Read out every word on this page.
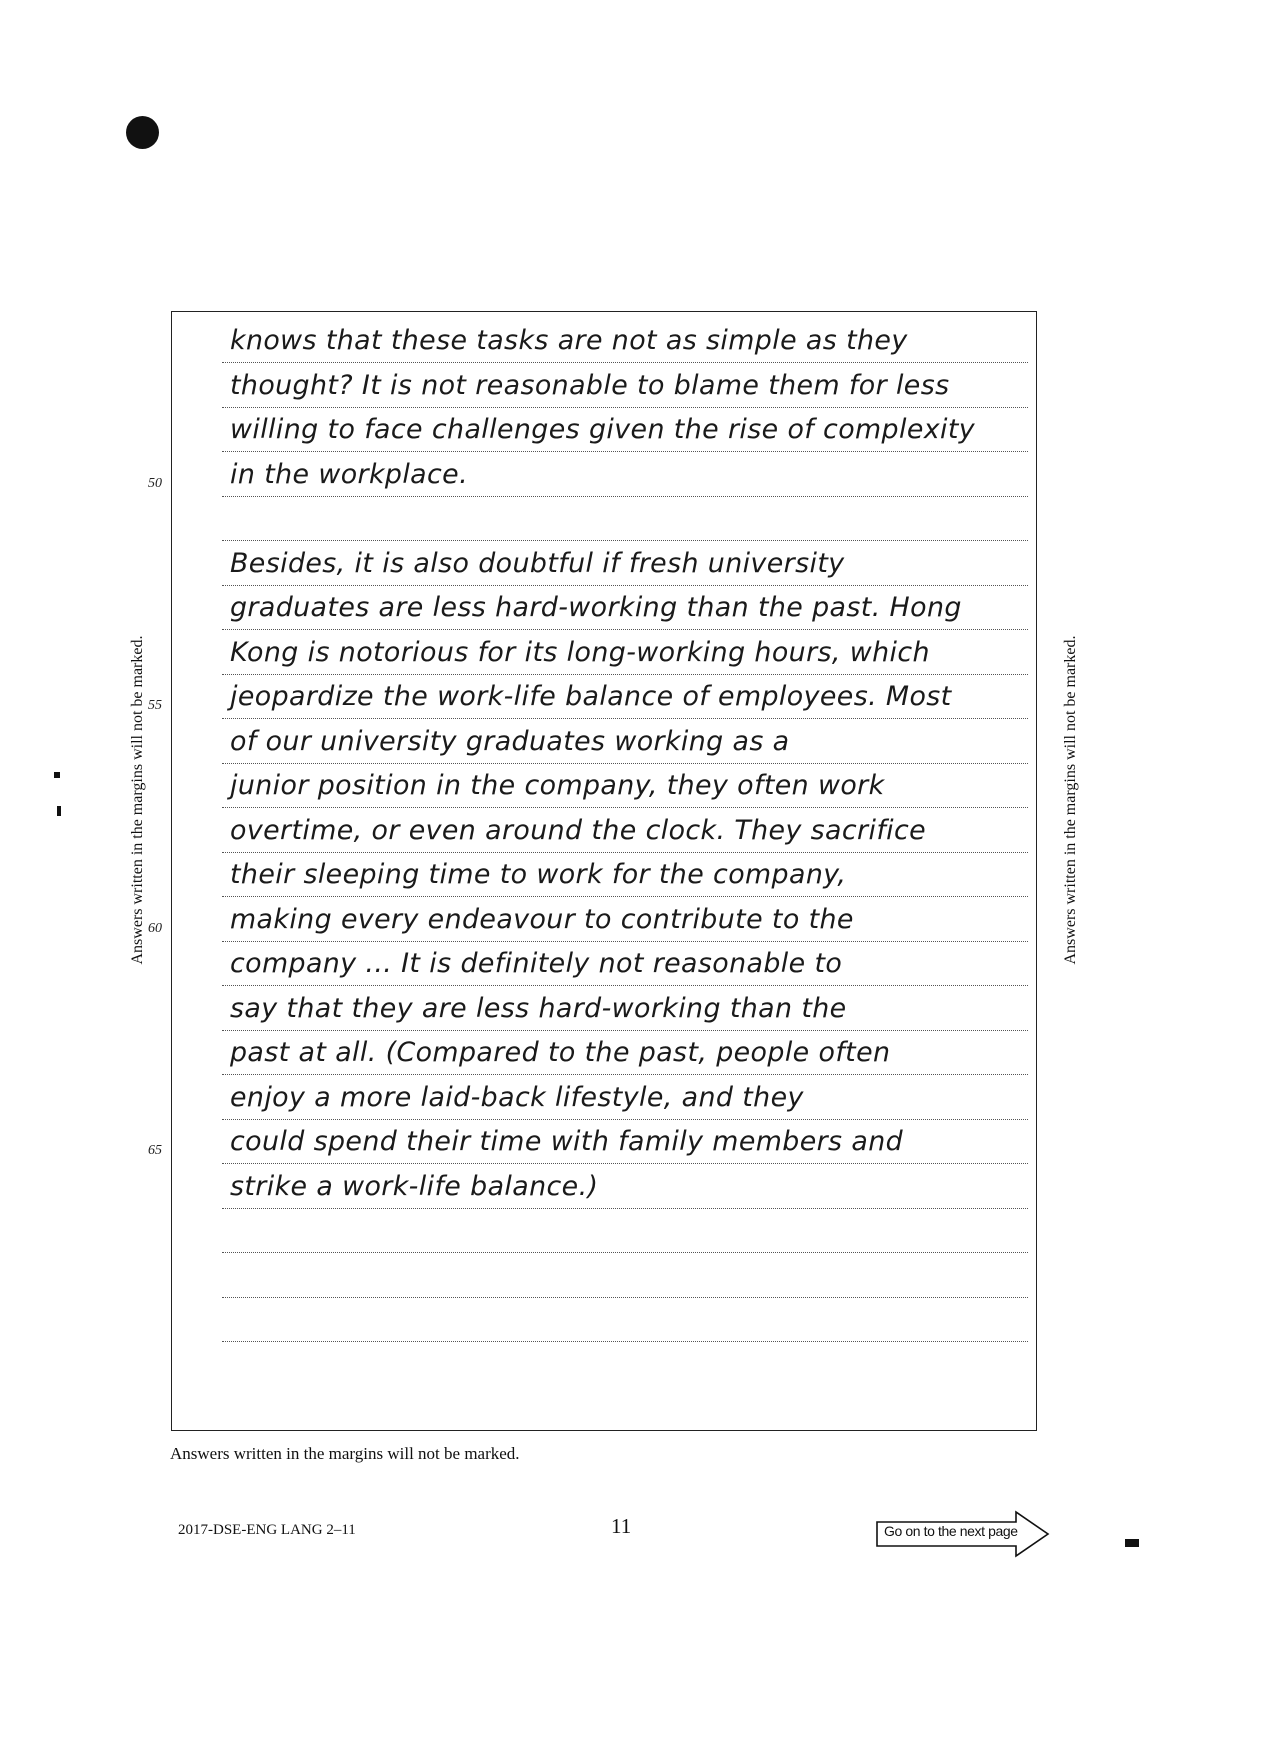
Answers written in the margins will not be marked.	Answers written in the margins will not be marked.
knows that these tasks are not as simple as they
thought? It is not reasonable to blame them for less
willing to face challenges given the rise of complexity
in the workplace.
50
Besides, it is also doubtful if fresh university
graduates are less hard-working than the past. Hong
Kong is notorious for its long-working hours, which
jeopardize the work-life balance of employees. Most
55
of our university graduates working as a
junior position in the company, they often work
overtime, or even around the clock. They sacrifice
their sleeping time to work for the company,
making every endeavour to contribute to the
60
company ... It is definitely not reasonable to
say that they are less hard-working than the
past at all. (Compared to the past, people often
enjoy a more laid-back lifestyle, and they
could spend their time with family members and
65
strike a work-life balance.)
Answers written in the margins will not be marked.
2017-DSE-ENG LANG 2–11	11	Go on to the next page
